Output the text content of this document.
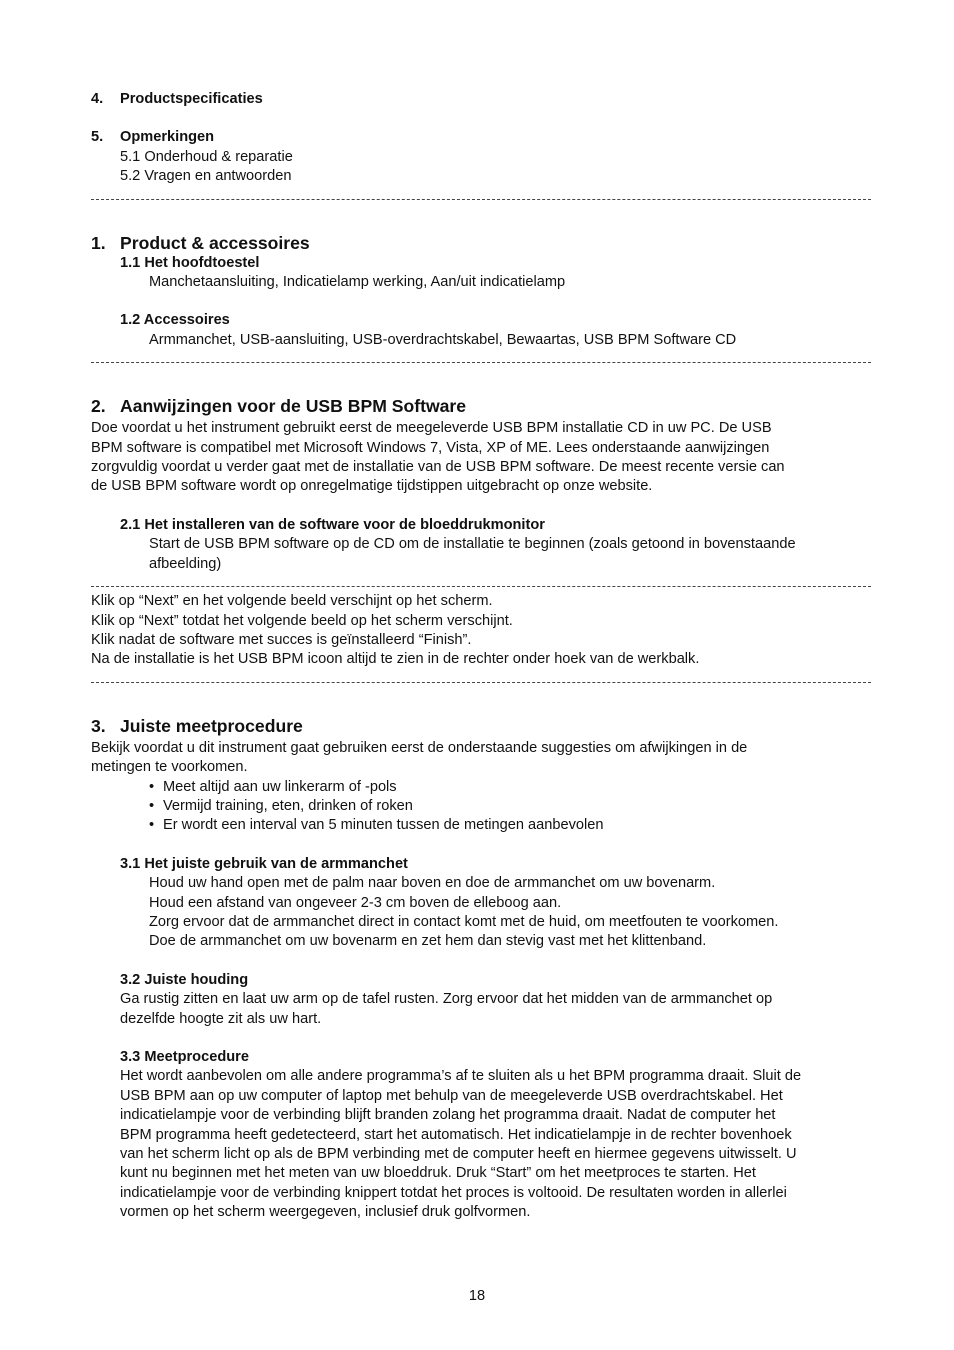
4.	Productspecificaties
5.	Opmerkingen
5.1 Onderhoud & reparatie
5.2 Vragen en antwoorden
1. Product & accessoires
1.1 Het hoofdtoestel
Manchetaansluiting, Indicatielamp werking, Aan/uit indicatielamp
1.2 Accessoires
Armmanchet, USB-aansluiting, USB-overdrachtskabel, Bewaartas, USB BPM Software CD
2. Aanwijzingen voor de USB BPM Software
Doe voordat u het instrument gebruikt eerst de meegeleverde USB BPM installatie CD in uw PC. De USB
BPM software is compatibel met Microsoft Windows 7, Vista, XP of ME. Lees onderstaande aanwijzingen
zorgvuldig voordat u verder gaat met de installatie van de USB BPM software. De meest recente versie can
de USB BPM software wordt op onregelmatige tijdstippen uitgebracht op onze website.
2.1 Het installeren van de software voor de bloeddrukmonitor
Start de USB BPM software op de CD om de installatie te beginnen (zoals getoond in bovenstaande
afbeelding)
Klik op “Next” en het volgende beeld verschijnt op het scherm.
Klik op “Next” totdat het volgende beeld op het scherm verschijnt.
Klik nadat de software met succes is geïnstalleerd “Finish”.
Na de installatie is het USB BPM icoon altijd te zien in de rechter onder hoek van de werkbalk.
3. Juiste meetprocedure
Bekijk voordat u dit instrument gaat gebruiken eerst de onderstaande suggesties om afwijkingen in de
metingen te voorkomen.
• Meet altijd aan uw linkerarm of -pols
• Vermijd training, eten, drinken of roken
• Er wordt een interval van 5 minuten tussen de metingen aanbevolen
3.1 Het juiste gebruik van de armmanchet
Houd uw hand open met de palm naar boven en doe de armmanchet om uw bovenarm.
Houd een afstand van ongeveer 2-3 cm boven de elleboog aan.
Zorg ervoor dat de armmanchet direct in contact komt met de huid, om meetfouten te voorkomen.
Doe de armmanchet om uw bovenarm en zet hem dan stevig vast met het klittenband.
3.2 Juiste houding
Ga rustig zitten en laat uw arm op de tafel rusten. Zorg ervoor dat het midden van de armmanchet op
dezelfde hoogte zit als uw hart.
3.3 Meetprocedure
Het wordt aanbevolen om alle andere programma’s af te sluiten als u het BPM programma draait. Sluit de
USB BPM aan op uw computer of laptop met behulp van de meegeleverde USB overdrachtskabel. Het
indicatielampje voor de verbinding blijft branden zolang het programma draait. Nadat de computer het
BPM programma heeft gedetecteerd, start het automatisch. Het indicatielampje in de rechter bovenhoek
van het scherm licht op als de BPM verbinding met de computer heeft en hiermee gegevens uitwisselt. U
kunt nu beginnen met het meten van uw bloeddruk. Druk “Start” om het meetproces te starten. Het
indicatielampje voor de verbinding knippert totdat het proces is voltooid. De resultaten worden in allerlei
vormen op het scherm weergegeven, inclusief druk golfvormen.
18
